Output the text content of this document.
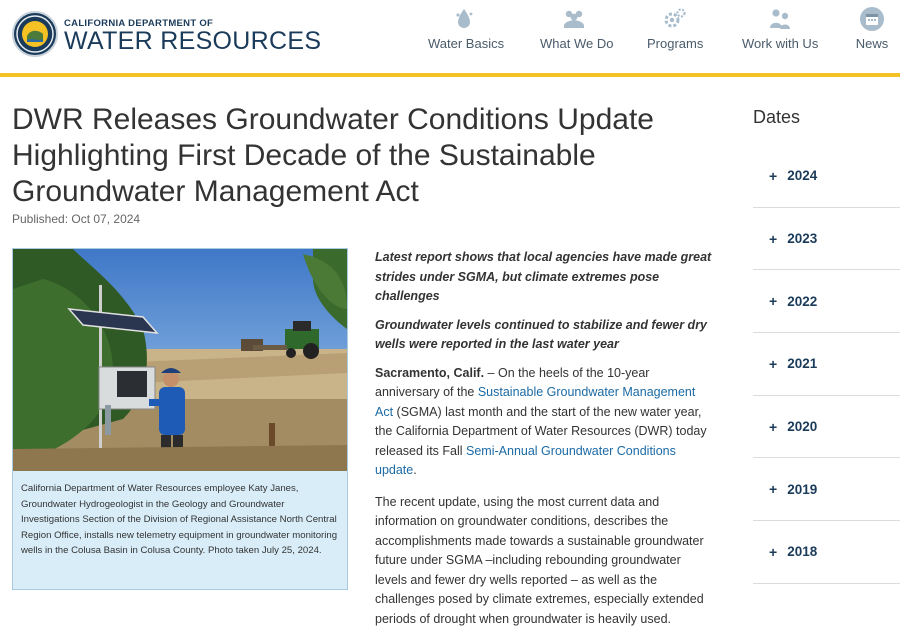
CALIFORNIA DEPARTMENT OF
WATER RESOURCES	Water Basics	What We Do	Programs	Work with Us	News
DWR Releases Groundwater Conditions Update Highlighting First Decade of the Sustainable Groundwater Management Act
Published: Oct 07, 2024
California Department of Water Resources employee Katy Janes, Groundwater Hydrogeologist in the Geology and Groundwater Investigations Section of the Division of Regional Assistance North Central Region Office, installs new telemetry equipment in groundwater monitoring wells in the Colusa Basin in Colusa County. Photo taken July 25, 2024.

Latest report shows that local agencies have made great strides under SGMA, but climate extremes pose challenges

Groundwater levels continued to stabilize and fewer dry wells were reported in the last water year

Sacramento, Calif. – On the heels of the 10-year anniversary of the Sustainable Groundwater Management Act (SGMA) last month and the start of the new water year, the California Department of Water Resources (DWR) today released its Fall Semi-Annual Groundwater Conditions update.

The recent update, using the most current data and information on groundwater conditions, describes the accomplishments made towards a sustainable groundwater future under SGMA –including rebounding groundwater levels and fewer dry wells reported – as well as the challenges posed by climate extremes, especially extended periods of drought when groundwater is heavily used.

Dates
+ 2024
+ 2023
+ 2022
+ 2021
+ 2020
+ 2019
+ 2018
